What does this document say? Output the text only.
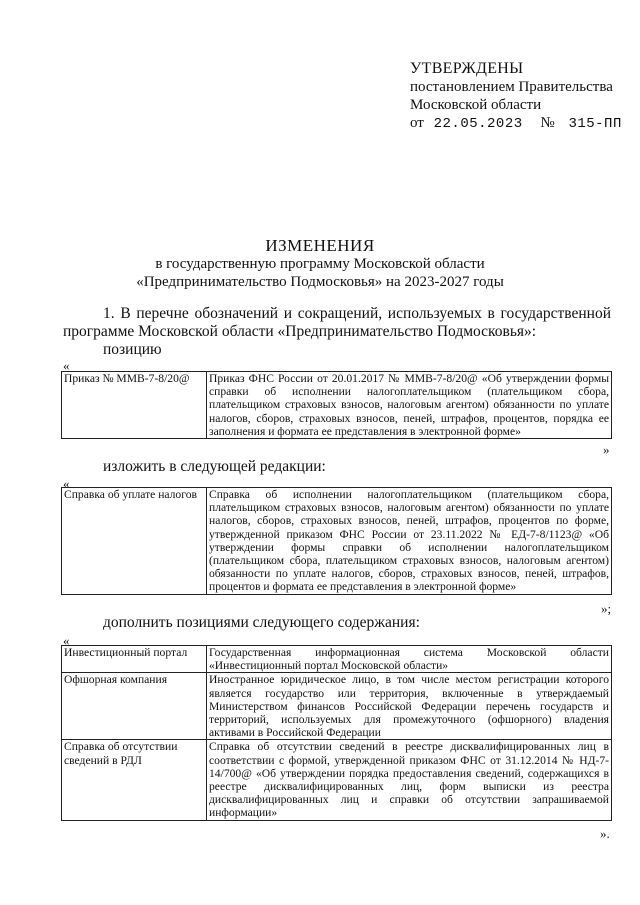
УТВЕРЖДЕНЫ
постановлением Правительства
Московской области
от 22.05.2023 № 315-ПП
ИЗМЕНЕНИЯ
в государственную программу Московской области
«Предпринимательство Подмосковья» на 2023-2027 годы
1. В перечне обозначений и сокращений, используемых в государственной программе Московской области «Предпринимательство Подмосковья»:
позицию
«
Приказ № ММВ-7-8/20@	Приказ ФНС России от 20.01.2017 № ММВ-7-8/20@ «Об утверждении формы справки об исполнении налогоплательщиком (плательщиком сбора, плательщиком страховых взносов, налоговым агентом) обязанности по уплате налогов, сборов, страховых взносов, пеней, штрафов, процентов, порядка ее заполнения и формата ее представления в электронной форме»
»
изложить в следующей редакции:
«
Справка об уплате налогов	Справка об исполнении налогоплательщиком (плательщиком сбора, плательщиком страховых взносов, налоговым агентом) обязанности по уплате налогов, сборов, страховых взносов, пеней, штрафов, процентов по форме, утвержденной приказом ФНС России от 23.11.2022 № ЕД-7-8/1123@ «Об утверждении формы справки об исполнении налогоплательщиком (плательщиком сбора, плательщиком страховых взносов, налоговым агентом) обязанности по уплате налогов, сборов, страховых взносов, пеней, штрафов, процентов и формата ее представления в электронной форме»
»;
дополнить позициями следующего содержания:
«
Инвестиционный портал	Государственная информационная система Московской области «Инвестиционный портал Московской области»
Офшорная компания	Иностранное юридическое лицо, в том числе местом регистрации которого является государство или территория, включенные в утверждаемый Министерством финансов Российской Федерации перечень государств и территорий, используемых для промежуточного (офшорного) владения активами в Российской Федерации
Справка об отсутствии сведений в РДЛ	Справка об отсутствии сведений в реестре дисквалифицированных лиц в соответствии с формой, утвержденной приказом ФНС от 31.12.2014 № НД-7-14/700@ «Об утверждении порядка предоставления сведений, содержащихся в реестре дисквалифицированных лиц, форм выписки из реестра дисквалифицированных лиц и справки об отсутствии запрашиваемой информации»
».
